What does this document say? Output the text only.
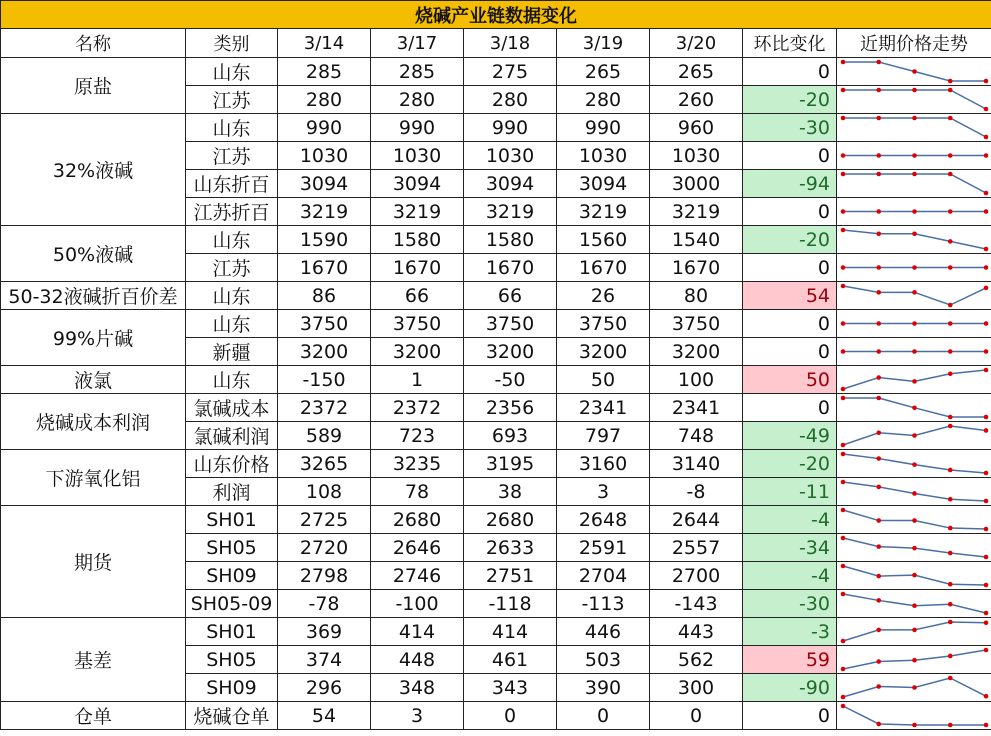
烧碱产业链数据变化								
名称	类别	3/14	3/17	3/18	3/19	3/20	环比变化	近期价格走势
原盐	山东	285	285	275	265	265	0	

	江苏	280	280	280	280	260	-20	

32%液碱	山东	990	990	990	990	960	-30	

	江苏	1030	1030	1030	1030	1030	0	

	山东折百	3094	3094	3094	3094	3000	-94	

	江苏折百	3219	3219	3219	3219	3219	0	

50%液碱	山东	1590	1580	1580	1560	1540	-20	

	江苏	1670	1670	1670	1670	1670	0	

50-32液碱折百价差	山东	86	66	66	26	80	54	

99%片碱	山东	3750	3750	3750	3750	3750	0	

	新疆	3200	3200	3200	3200	3200	0	

液氯	山东	-150	1	-50	50	100	50	

烧碱成本利润	氯碱成本	2372	2372	2356	2341	2341	0	

	氯碱利润	589	723	693	797	748	-49	

下游氧化铝	山东价格	3265	3235	3195	3160	3140	-20	

	利润	108	78	38	3	-8	-11	

期货	SH01	2725	2680	2680	2648	2644	-4	

	SH05	2720	2646	2633	2591	2557	-34	

	SH09	2798	2746	2751	2704	2700	-4	

	SH05-09	-78	-100	-118	-113	-143	-30	

基差	SH01	369	414	414	446	443	-3	

	SH05	374	448	461	503	562	59	

	SH09	296	348	343	390	300	-90	

仓单	烧碱仓单	54	3	0	0	0	0	
